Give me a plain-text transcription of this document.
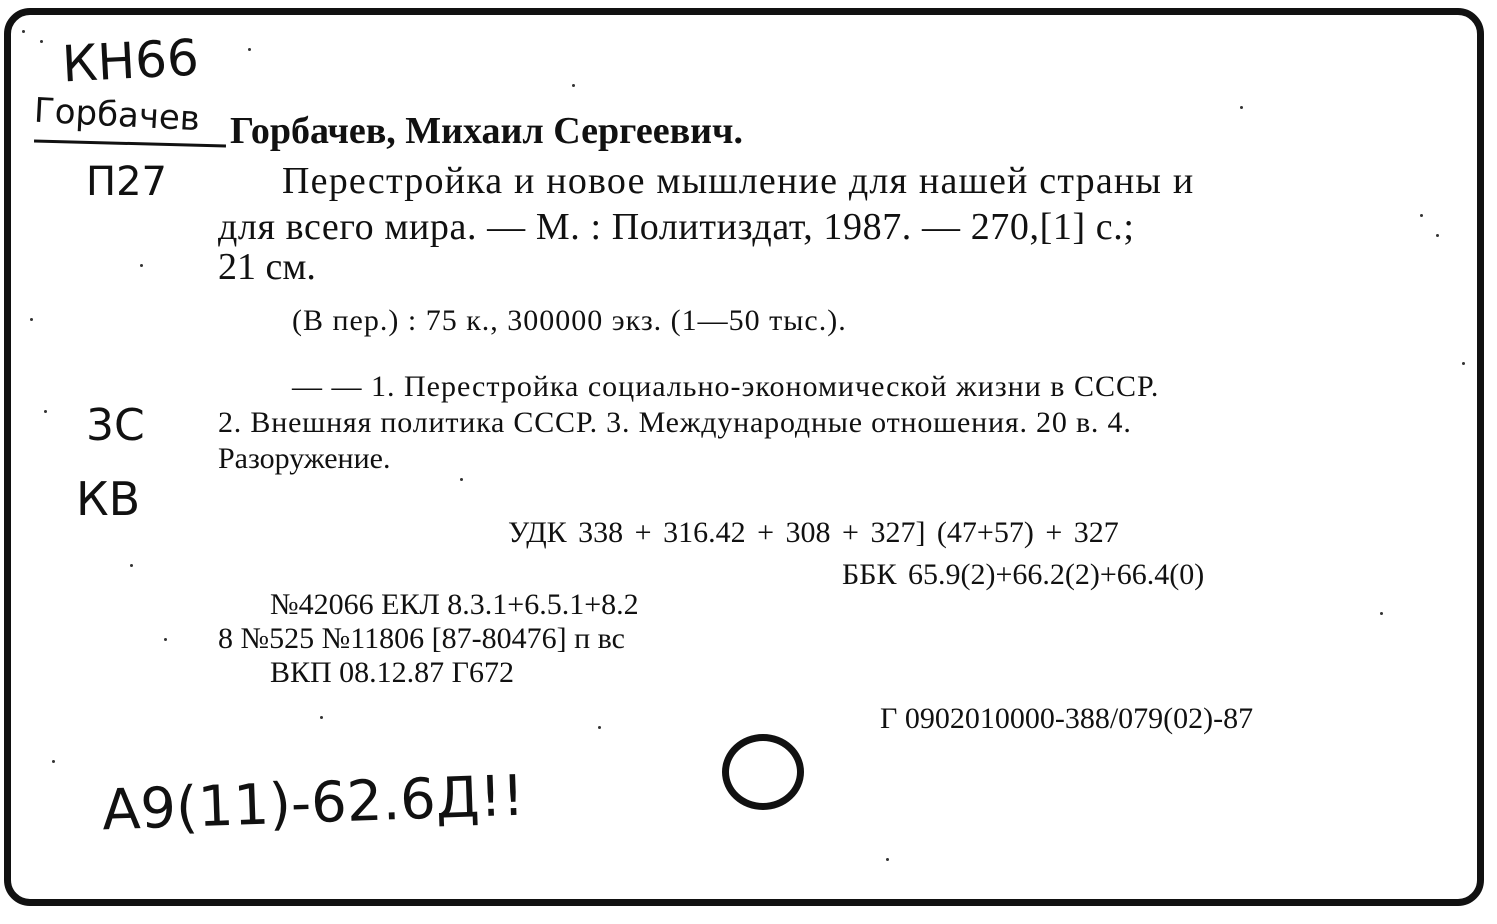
КН66
Горбачев
П27
3С
КВ
А9(11)-62.6Д!!
Горбачев, Михаил Сергеевич.
Перестройка и новое мышление для нашей страны и
для всего мира. — М. : Политиздат, 1987. — 270,[1] с.;
21 см.
(В пер.) : 75 к., 300000 экз. (1—50 тыс.).
— — 1. Перестройка социально-экономической жизни в СССР.
2. Внешняя политика СССР. 3. Международные отношения. 20 в. 4.
Разоружение.
УДК 338 + 316.42 + 308 + 327] (47+57) + 327
ББК 65.9(2)+66.2(2)+66.4(0)
№42066 ЕКЛ 8.3.1+6.5.1+8.2
8 №525 №11806 [87-80476] п вс
ВКП 08.12.87 Г672
Г 0902010000-388/079(02)-87
